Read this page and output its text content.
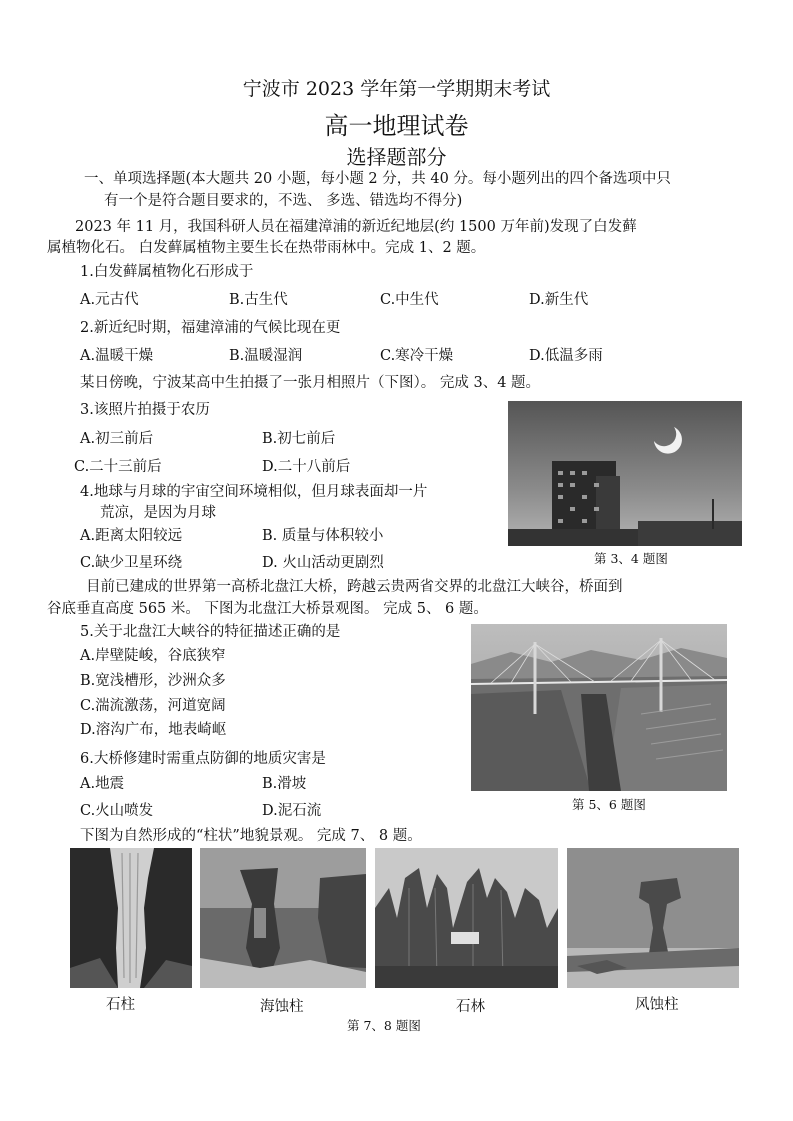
宁波市 2023 学年第一学期期末考试
高一地理试卷
选择题部分
一、单项选择题(本大题共 20 小题，每小题 2 分，共 40 分。每小题列出的四个备选项中只
有一个是符合题目要求的，不选、 多选、错选均不得分)
2023 年 11 月，我国科研人员在福建漳浦的新近纪地层(约 1500 万年前)发现了白发藓
属植物化石。 白发藓属植物主要生长在热带雨林中。完成 1、2 题。
1.白发藓属植物化石形成于
A.元古代	B.古生代	C.中生代	D.新生代
2.新近纪时期，福建漳浦的气候比现在更
A.温暖干燥	B.温暖湿润	C.寒冷干燥	D.低温多雨
某日傍晚，宁波某高中生拍摄了一张月相照片（下图）。 完成 3、4 题。
3.该照片拍摄于农历
A.初三前后	B.初七前后
C.二十三前后	D.二十八前后
4.地球与月球的宇宙空间环境相似，但月球表面却一片
荒凉，是因为月球
A.距离太阳较远	B. 质量与体积较小
C.缺少卫星环绕	D. 火山活动更剧烈	第 3、4 题图
目前已建成的世界第一高桥北盘江大桥，跨越云贵两省交界的北盘江大峡谷，桥面到
谷底垂直高度 565 米。 下图为北盘江大桥景观图。 完成 5、 6 题。
5.关于北盘江大峡谷的特征描述正确的是
A.岸壁陡峻，谷底狭窄
B.宽浅槽形，沙洲众多
C.湍流激荡，河道宽阔
D.溶沟广布，地表崎岖
6.大桥修建时需重点防御的地质灾害是
A.地震	B.滑坡
C.火山喷发	D.泥石流	第 5、6 题图
下图为自然形成的“柱状”地貌景观。 完成 7、 8 题。
石柱	海蚀柱	石林	风蚀柱
第 7、8 题图
